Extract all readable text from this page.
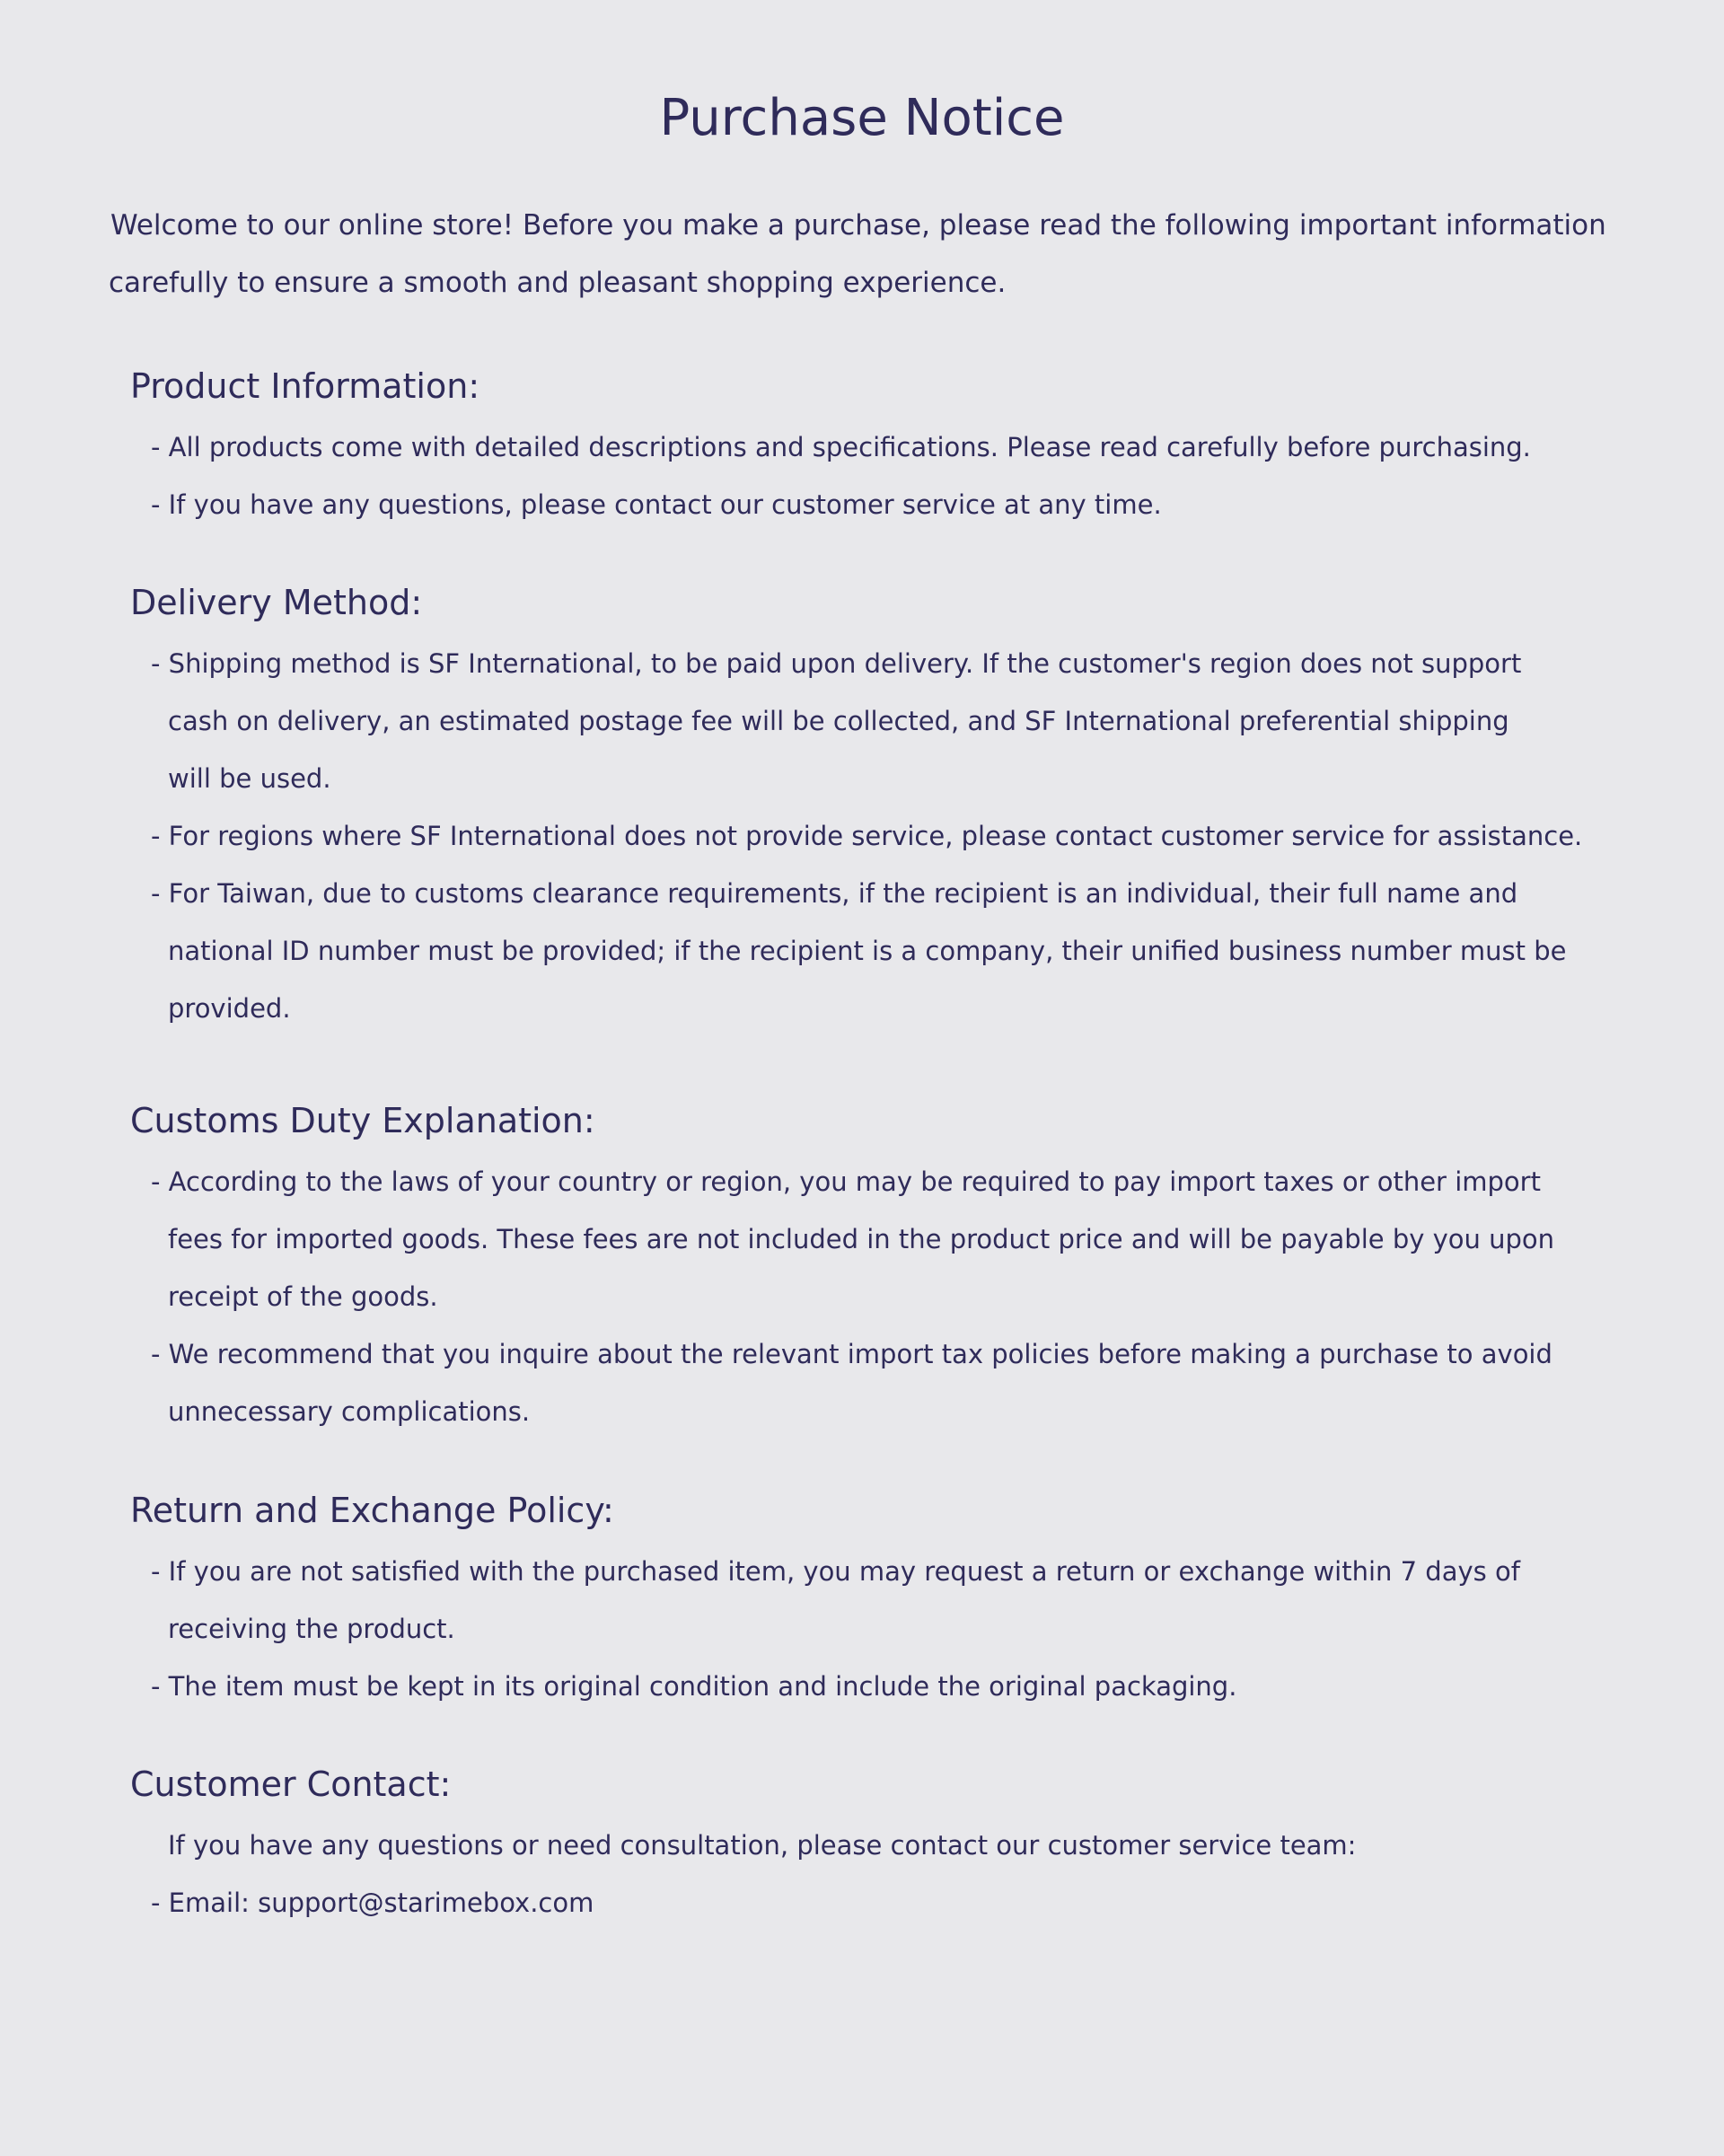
Purchase Notice
Welcome to our online store! Before you make a purchase, please read the following important information
carefully to ensure a smooth and pleasant shopping experience.
Product Information:
- All products come with detailed descriptions and specifications. Please read carefully before purchasing.
- If you have any questions, please contact our customer service at any time.
Delivery Method:
- Shipping method is SF International, to be paid upon delivery. If the customer's region does not support
cash on delivery, an estimated postage fee will be collected, and SF International preferential shipping
will be used.
- For regions where SF International does not provide service, please contact customer service for assistance.
- For Taiwan, due to customs clearance requirements, if the recipient is an individual, their full name and
national ID number must be provided; if the recipient is a company, their unified business number must be
provided.
Customs Duty Explanation:
- According to the laws of your country or region, you may be required to pay import taxes or other import
fees for imported goods. These fees are not included in the product price and will be payable by you upon
receipt of the goods.
- We recommend that you inquire about the relevant import tax policies before making a purchase to avoid
unnecessary complications.
Return and Exchange Policy:
- If you are not satisfied with the purchased item, you may request a return or exchange within 7 days of
receiving the product.
- The item must be kept in its original condition and include the original packaging.
Customer Contact:
If you have any questions or need consultation, please contact our customer service team:
- Email: support@starimebox.com
